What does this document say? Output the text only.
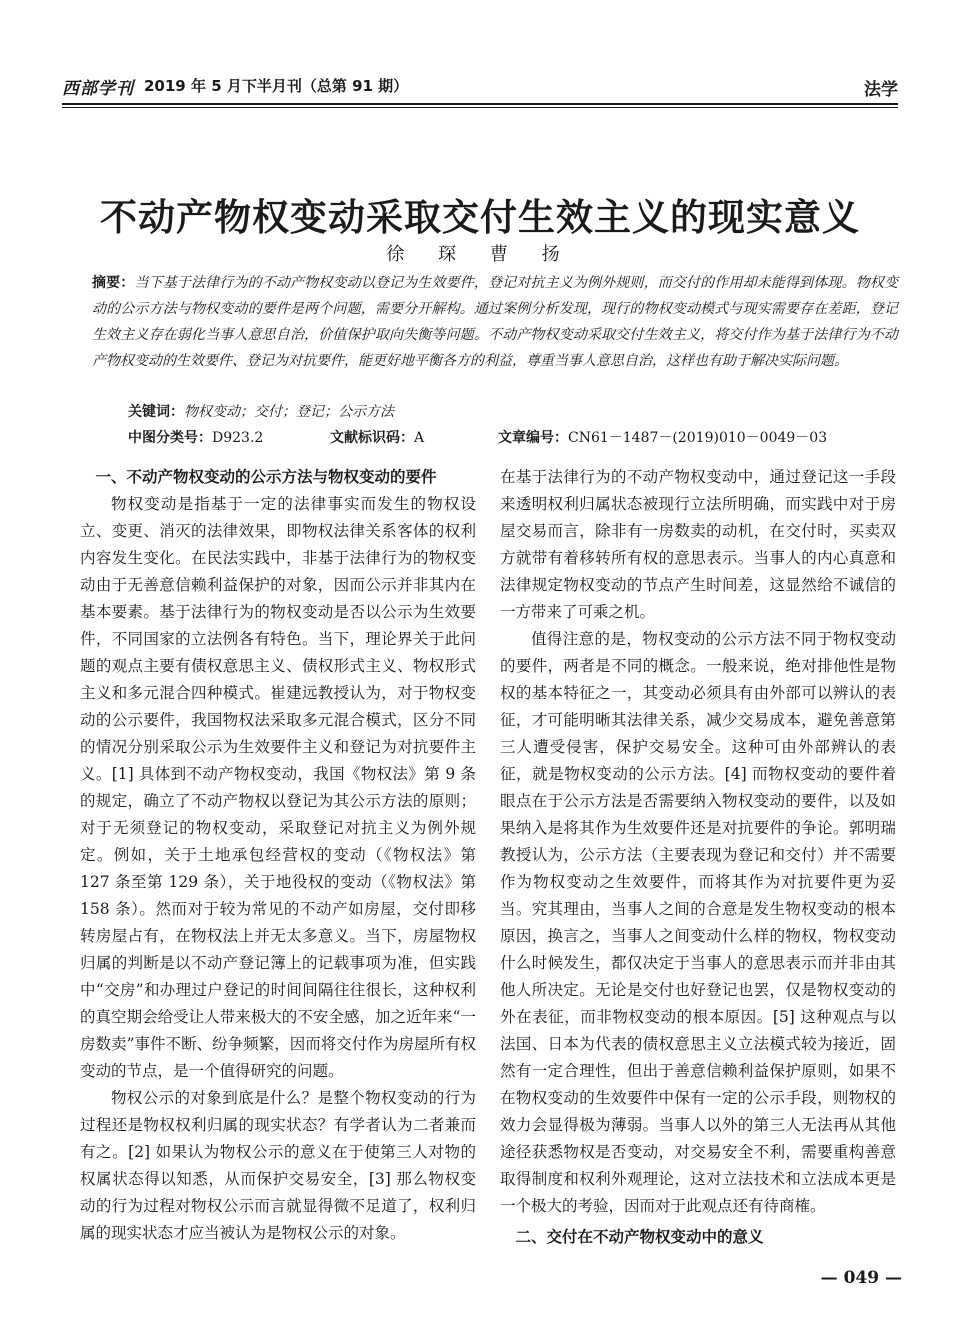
西部学刊 2019 年 5 月下半月刊（总第 91 期）	法学
不动产物权变动采取交付生效主义的现实意义
徐 琛 曹 扬

摘要：当下基于法律行为的不动产物权变动以登记为生效要件，登记对抗主义为例外规则，而交付的作用却未能得到体现。物权变动的公示方法与物权变动的要件是两个问题，需要分开解构。通过案例分析发现，现行的物权变动模式与现实需要存在差距，登记生效主义存在弱化当事人意思自治，价值保护取向失衡等问题。不动产物权变动采取交付生效主义，将交付作为基于法律行为不动产物权变动的生效要件、登记为对抗要件，能更好地平衡各方的利益，尊重当事人意思自治，这样也有助于解决实际问题。

关键词：物权变动；交付；登记；公示方法
中图分类号：D923.2	文献标识码：A	文章编号：CN61－1487－(2019)010－0049－03
一、不动产物权变动的公示方法与物权变动的要件

物权变动是指基于一定的法律事实而发生的物权设立、变更、消灭的法律效果，即物权法律关系客体的权利内容发生变化。在民法实践中，非基于法律行为的物权变动由于无善意信赖利益保护的对象，因而公示并非其内在基本要素。基于法律行为的物权变动是否以公示为生效要件，不同国家的立法例各有特色。当下，理论界关于此问题的观点主要有债权意思主义、债权形式主义、物权形式主义和多元混合四种模式。崔建远教授认为，对于物权变动的公示要件，我国物权法采取多元混合模式，区分不同的情况分别采取公示为生效要件主义和登记为对抗要件主义。[1] 具体到不动产物权变动，我国《物权法》第 9 条的规定，确立了不动产物权以登记为其公示方法的原则；对于无须登记的物权变动，采取登记对抗主义为例外规定。例如，关于土地承包经营权的变动（《物权法》第 127 条至第 129 条），关于地役权的变动（《物权法》第 158 条）。然而对于较为常见的不动产如房屋，交付即移转房屋占有，在物权法上并无太多意义。当下，房屋物权归属的判断是以不动产登记簿上的记载事项为准，但实践中“交房”和办理过户登记的时间间隔往往很长，这种权利的真空期会给受让人带来极大的不安全感，加之近年来“一房数卖”事件不断、纷争频繁，因而将交付作为房屋所有权变动的节点，是一个值得研究的问题。

物权公示的对象到底是什么？是整个物权变动的行为过程还是物权权利归属的现实状态？有学者认为二者兼而有之。[2] 如果认为物权公示的意义在于使第三人对物的权属状态得以知悉，从而保护交易安全，[3] 那么物权变动的行为过程对物权公示而言就显得微不足道了，权利归属的现实状态才应当被认为是物权公示的对象。

在基于法律行为的不动产物权变动中，通过登记这一手段来透明权利归属状态被现行立法所明确，而实践中对于房屋交易而言，除非有一房数卖的动机，在交付时，买卖双方就带有着移转所有权的意思表示。当事人的内心真意和法律规定物权变动的节点产生时间差，这显然给不诚信的一方带来了可乘之机。

值得注意的是，物权变动的公示方法不同于物权变动的要件，两者是不同的概念。一般来说，绝对排他性是物权的基本特征之一，其变动必须具有由外部可以辨认的表征，才可能明晰其法律关系，减少交易成本，避免善意第三人遭受侵害，保护交易安全。这种可由外部辨认的表征，就是物权变动的公示方法。[4] 而物权变动的要件着眼点在于公示方法是否需要纳入物权变动的要件，以及如果纳入是将其作为生效要件还是对抗要件的争论。郭明瑞教授认为，公示方法（主要表现为登记和交付）并不需要作为物权变动之生效要件，而将其作为对抗要件更为妥当。究其理由，当事人之间的合意是发生物权变动的根本原因，换言之，当事人之间变动什么样的物权，物权变动什么时候发生，都仅决定于当事人的意思表示而并非由其他人所决定。无论是交付也好登记也罢，仅是物权变动的外在表征，而非物权变动的根本原因。[5] 这种观点与以法国、日本为代表的债权意思主义立法模式较为接近，固然有一定合理性，但出于善意信赖利益保护原则，如果不在物权变动的生效要件中保有一定的公示手段，则物权的效力会显得极为薄弱。当事人以外的第三人无法再从其他途径获悉物权是否变动，对交易安全不利，需要重构善意取得制度和权利外观理论，这对立法技术和立法成本更是一个极大的考验，因而对于此观点还有待商榷。

二、交付在不动产物权变动中的意义
— 049 —
